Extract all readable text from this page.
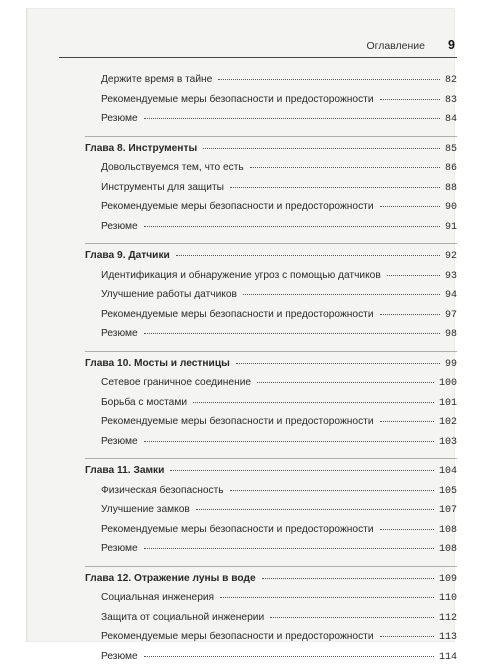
Оглавление 9
Держите время в тайне	82
Рекомендуемые меры безопасности и предосторожности	83
Резюме	84
Глава 8. Инструменты	85
Довольствуемся тем, что есть	86
Инструменты для защиты	88
Рекомендуемые меры безопасности и предосторожности	90
Резюме	91
Глава 9. Датчики	92
Идентификация и обнаружение угроз с помощью датчиков	93
Улучшение работы датчиков	94
Рекомендуемые меры безопасности и предосторожности	97
Резюме	98
Глава 10. Мосты и лестницы	99
Сетевое граничное соединение	100
Борьба с мостами	101
Рекомендуемые меры безопасности и предосторожности	102
Резюме	103
Глава 11. Замки	104
Физическая безопасность	105
Улучшение замков	107
Рекомендуемые меры безопасности и предосторожности	108
Резюме	108
Глава 12. Отражение луны в воде	109
Социальная инженерия	110
Защита от социальной инженерии	112
Рекомендуемые меры безопасности и предосторожности	113
Резюме	114
